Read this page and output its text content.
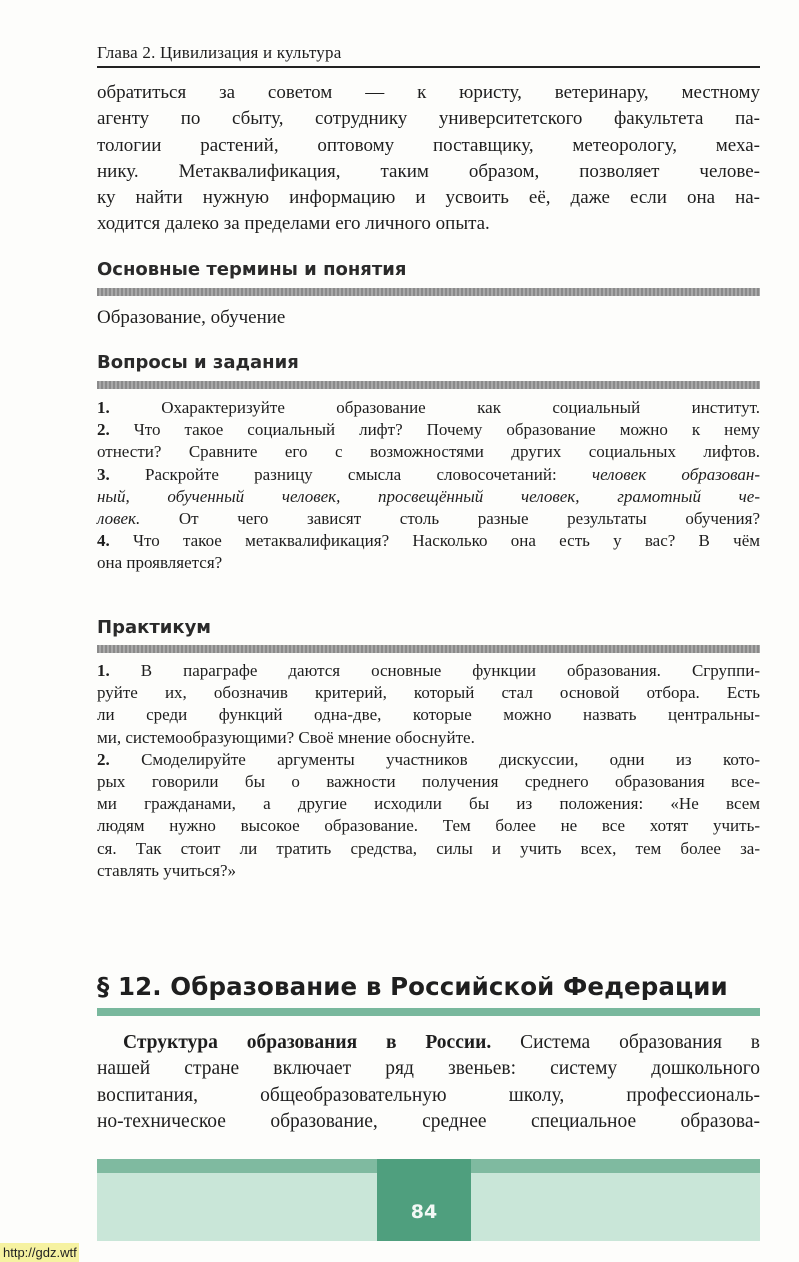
Глава 2. Цивилизация и культура
обратиться за советом — к юристу, ветеринару, местному
агенту по сбыту, сотруднику университетского факультета па-
тологии растений, оптовому поставщику, метеорологу, меха-
нику. Метаквалификация, таким образом, позволяет челове-
ку найти нужную информацию и усвоить её, даже если она на-
ходится далеко за пределами его личного опыта.
Основные термины и понятия
Образование, обучение
Вопросы и задания
1.	Охарактеризуйте образование как социальный институт.
2. Что такое социальный лифт? Почему образование можно к нему
отнести? Сравните его с возможностями других социальных лифтов.
3. Раскройте разницу смысла словосочетаний: человек образован-
ный, обученный человек, просвещённый человек, грамотный че-
ловек. От чего зависят столь разные результаты обучения?
4. Что такое метаквалификация? Насколько она есть у вас? В чём
она проявляется?
Практикум
1. В параграфе даются основные функции образования. Сгруппи-
руйте их, обозначив критерий, который стал основой отбора. Есть
ли среди функций одна-две, которые можно назвать центральны-
ми, системообразующими? Своё мнение обоснуйте.
2. Смоделируйте аргументы участников дискуссии, одни из кото-
рых говорили бы о важности получения среднего образования все-
ми гражданами, а другие исходили бы из положения: «Не всем
людям нужно высокое образование. Тем более не все хотят учить-
ся. Так стоит ли тратить средства, силы и учить всех, тем более за-
ставлять учиться?»
§ 12. Образование в Российской Федерации
Структура образования в России. Система образования в
нашей стране включает ряд звеньев: систему дошкольного
воспитания, общеобразовательную школу, профессиональ-
но-техническое образование, среднее специальное образова-
84
http://gdz.wtf
